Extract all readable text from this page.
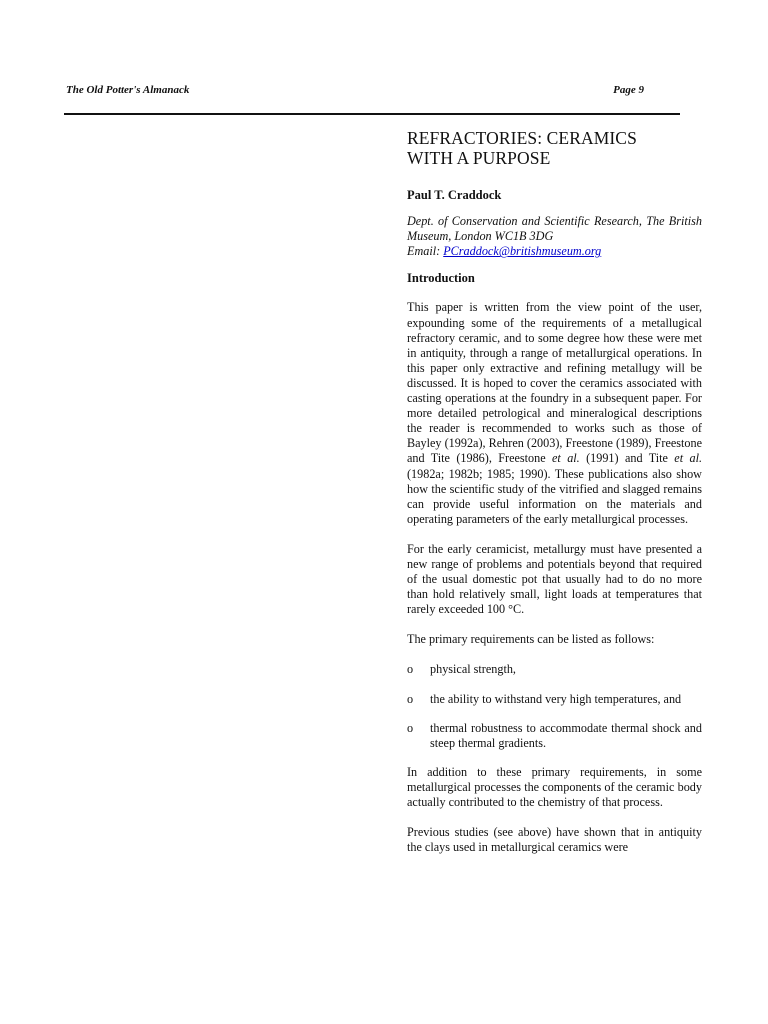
The Old Potter's Almanack	Page 9
REFRACTORIES: CERAMICS
WITH A PURPOSE

Paul T. Craddock

Dept. of Conservation and Scientific Research, The British Museum, London WC1B 3DG

Email: PCraddock@britishmuseum.org

Introduction

This paper is written from the view point of the user, expounding some of the requirements of a metallugical refractory ceramic, and to some degree how these were met in antiquity, through a range of metallurgical operations. In this paper only extractive and refining metallugy will be discussed. It is hoped to cover the ceramics associated with casting operations at the foundry in a subsequent paper. For more detailed petrological and mineralogical descriptions the reader is recommended to works such as those of Bayley (1992a), Rehren (2003), Freestone (1989), Freestone and Tite (1986), Freestone et al. (1991) and Tite et al. (1982a; 1982b; 1985; 1990). These publications also show how the scientific study of the vitrified and slagged remains can provide useful information on the materials and operating parameters of the early metallurgical processes.

For the early ceramicist, metallurgy must have presented a new range of problems and potentials beyond that required of the usual domestic pot that usually had to do no more than hold relatively small, light loads at temperatures that rarely exceeded 100 °C.

The primary requirements can be listed as follows:

o	physical strength,
o	the ability to withstand very high temperatures, and
o	thermal robustness to accommodate thermal shock and steep thermal gradients.

In addition to these primary requirements, in some metallurgical processes the components of the ceramic body actually contributed to the chemistry of that process.

Previous studies (see above) have shown that in antiquity the clays used in metallurgical ceramics were
